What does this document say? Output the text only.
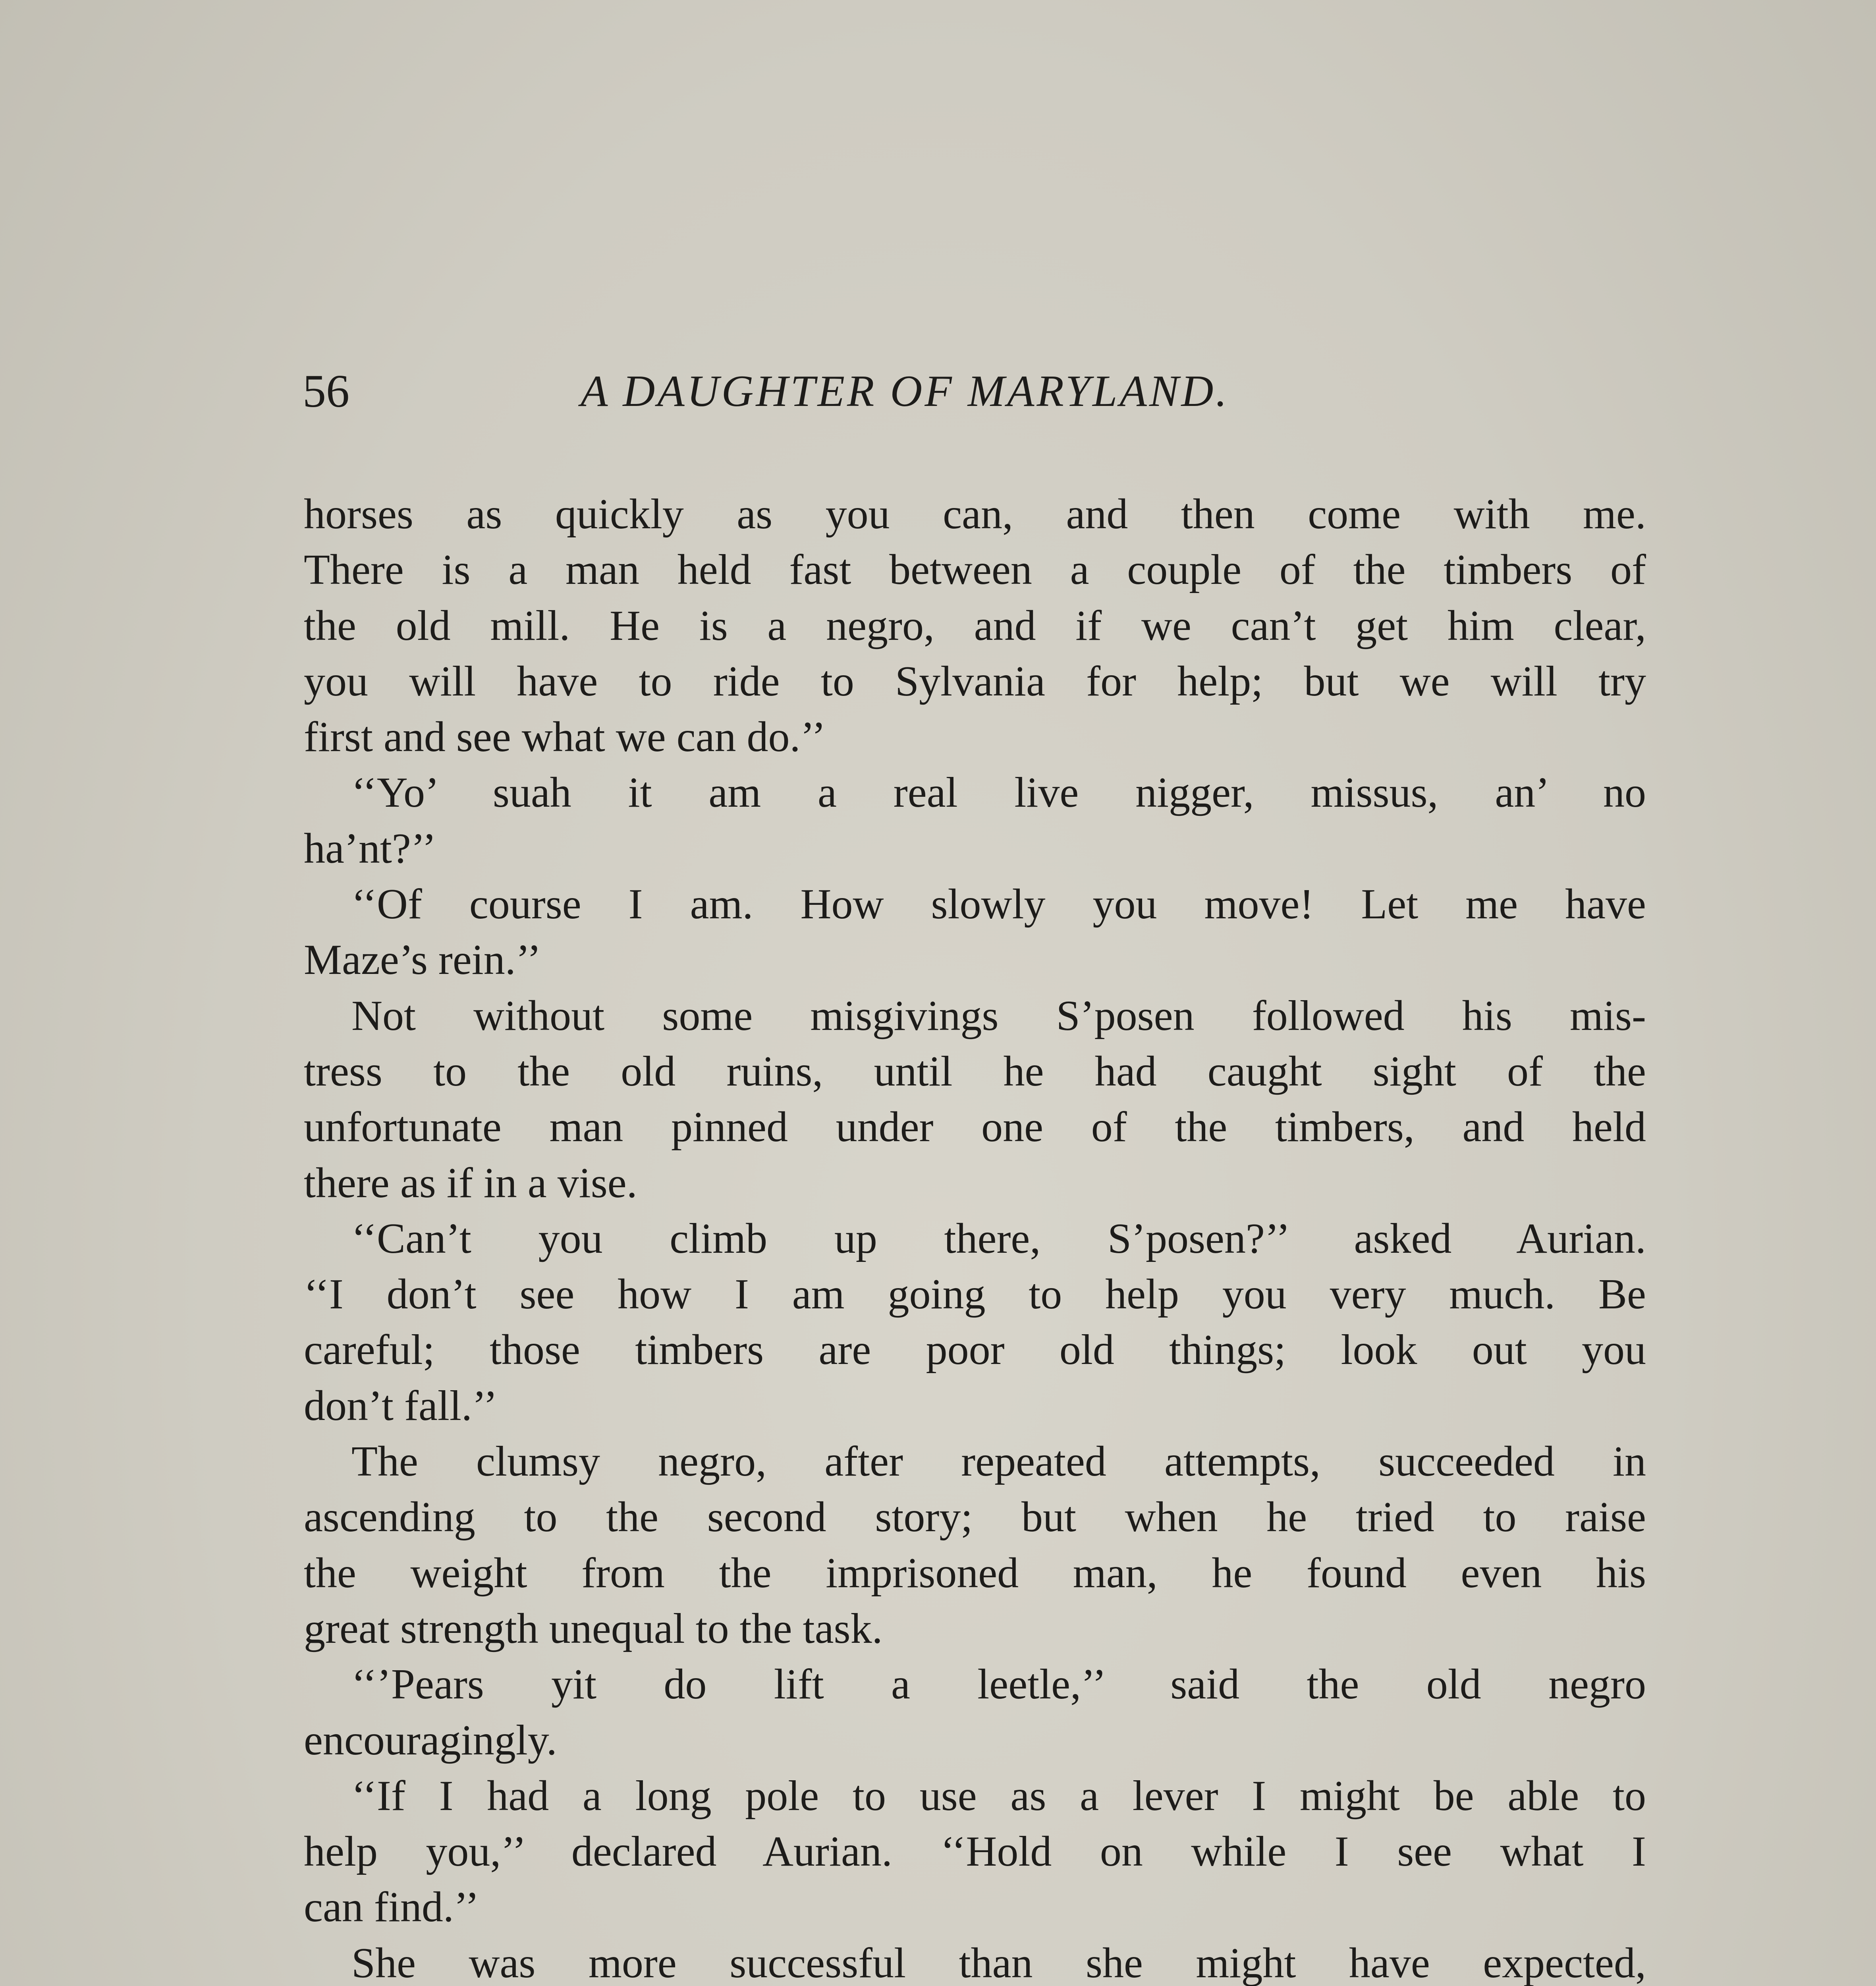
56	A DAUGHTER OF MARYLAND.
horses as quickly as you can, and then come with me.
There is a man held fast between a couple of the timbers of
the old mill. He is a negro, and if we can’t get him clear,
you will have to ride to Sylvania for help; but we will try
first and see what we can do.’’
‘‘Yo’ suah it am a real live nigger, missus, an’ no
ha’nt?’’
‘‘Of course I am. How slowly you move! Let me have
Maze’s rein.’’
Not without some misgivings S’posen followed his mis-
tress to the old ruins, until he had caught sight of the
unfortunate man pinned under one of the timbers, and held
there as if in a vise.
‘‘Can’t you climb up there, S’posen?’’ asked Aurian.
‘‘I don’t see how I am going to help you very much. Be
careful; those timbers are poor old things; look out you
don’t fall.’’
The clumsy negro, after repeated attempts, succeeded in
ascending to the second story; but when he tried to raise
the weight from the imprisoned man, he found even his
great strength unequal to the task.
‘‘’Pears yit do lift a leetle,’’ said the old negro
encouragingly.
‘‘If I had a long pole to use as a lever I might be able to
help you,’’ declared Aurian. ‘‘Hold on while I see what I
can find.’’
She was more successful than she might have expected,
